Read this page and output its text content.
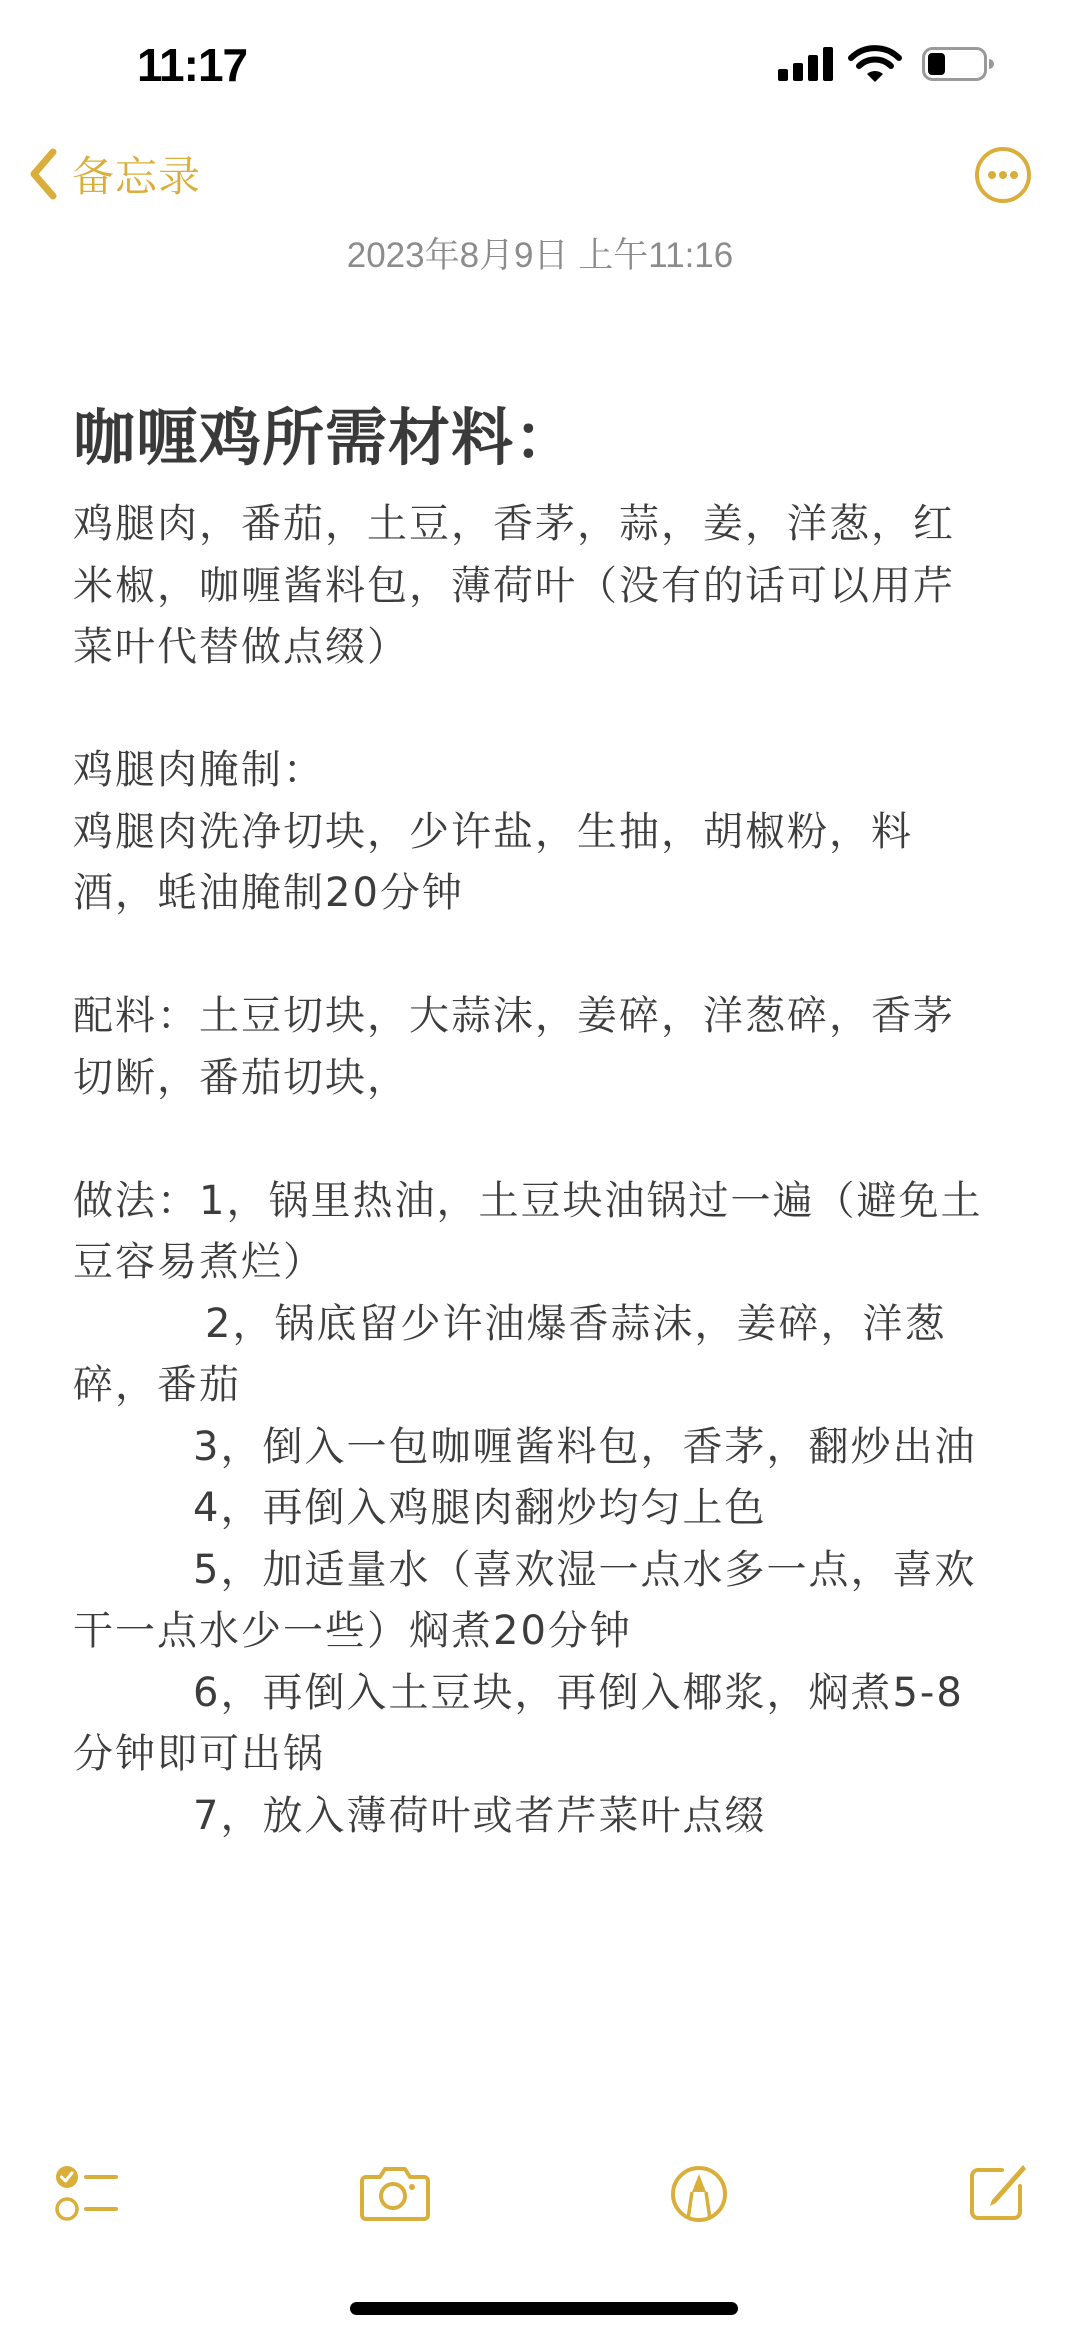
11:17
备忘录
2023年8月9日 上午11:16
咖喱鸡所需材料：
鸡腿肉，番茄，土豆，香茅，蒜，姜，洋葱，红
米椒，咖喱酱料包，薄荷叶（没有的话可以用芹
菜叶代替做点缀）
鸡腿肉腌制：
鸡腿肉洗净切块，少许盐，生抽，胡椒粉，料
酒，蚝油腌制20分钟
配料：土豆切块，大蒜沫，姜碎，洋葱碎，香茅
切断，番茄切块，
做法：1，锅里热油，土豆块油锅过一遍（避免土
豆容易煮烂）
2，锅底留少许油爆香蒜沫，姜碎，洋葱
碎，番茄
3，倒入一包咖喱酱料包，香茅，翻炒出油
4，再倒入鸡腿肉翻炒均匀上色
5，加适量水（喜欢湿一点水多一点，喜欢
干一点水少一些）焖煮20分钟
6，再倒入土豆块，再倒入椰浆，焖煮5-8
分钟即可出锅
7，放入薄荷叶或者芹菜叶点缀
